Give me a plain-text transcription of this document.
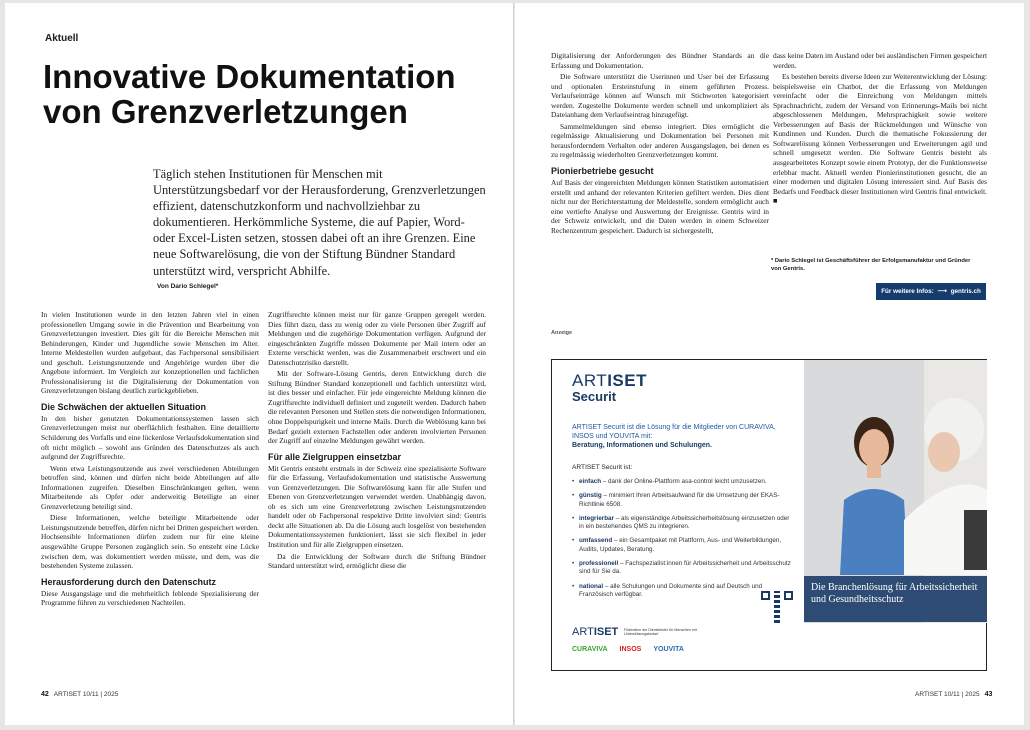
Aktuell
Innovative Dokumentation von Grenzverletzungen
Täglich stehen Institutionen für Menschen mit Unterstützungsbedarf vor der Herausforderung, Grenzverletzungen effizient, datenschutzkonform und nachvollziehbar zu dokumentieren. Herkömmliche Systeme, die auf Papier, Word- oder Excel-Listen setzen, stossen dabei oft an ihre Grenzen. Eine neue Softwarelösung, die von der Stiftung Bündner Standard unterstützt wird, verspricht Abhilfe.
Von Dario Schlegel*

In vielen Institutionen wurde in den letzten Jahren viel in einen professionellen Umgang sowie in die Prävention und Bearbeitung von Grenzverletzungen investiert. Dies gilt für die Bereiche Menschen mit Behinderungen, Kinder und Jugendliche sowie Menschen im Alter. Interne Meldestellen wurden aufgebaut, das Fachpersonal sensibilisiert und geschult. Leistungsnutzende und Angehörige wurden über die Angebote informiert. Im Vergleich zur konzeptionellen und fachlichen Professionalisierung ist die Digitalisierung der Dokumentation von Grenzverletzungen bislang deutlich zurückgeblieben.

Die Schwächen der aktuellen Situation

In den bisher genutzten Dokumentationssystemen lassen sich Grenzverletzungen meist nur oberflächlich festhalten. Eine detaillierte Schilderung des Vorfalls und eine lückenlose Verlaufsdokumentation sind oft nicht möglich – sowohl aus Gründen des Datenschutzes als auch aufgrund der Zugriffsrechte.

Wenn etwa Leistungsnutzende aus zwei verschiedenen Abteilungen betroffen sind, können und dürfen nicht beide Abteilungen auf alle Informationen zugreifen. Dieselben Einschränkungen gelten, wenn Mitarbeitende als Opfer oder anderweitig Beteiligte an einer Grenzverletzung beteiligt sind.

Diese Informationen, welche beteiligte Mitarbeitende oder Leistungsnutzende betreffen, dürfen nicht bei Dritten gespeichert werden. Hochsensible Informationen dürfen zudem nur für eine kleine ausgewählte Gruppe Personen zugänglich sein. So entsteht eine Lücke zwischen dem, was dokumentiert werden müsste, und dem, was die bestehenden Systeme zulassen.

Herausforderung durch den Datenschutz

Diese Ausgangslage und die mehrheitlich fehlende Spezialisierung der Programme führen zu verschiedenen Nachteilen.

Zugriffsrechte können meist nur für ganze Gruppen geregelt werden. Dies führt dazu, dass zu wenig oder zu viele Personen über Zugriff auf Meldungen und die zugehörige Dokumentation verfügen. Aufgrund der eingeschränkten Zugriffe müssen Dokumente per Mail intern oder an Externe verschickt werden, was die Zusammenarbeit erschwert und ein Datenschutzrisiko darstellt.

Mit der Software-Lösung Gentris, deren Entwicklung durch die Stiftung Bündner Standard konzeptionell und fachlich unterstützt wird, ist dies besser und einfacher. Für jede eingereichte Meldung können die Zugriffsrechte individuell definiert und zugeteilt werden. Dadurch haben die relevanten Personen und Stellen stets die notwendigen Informationen, ohne Doppelspurigkeit und interne Mails. Durch die Weblösung kann bei Bedarf gezielt externen Fachstellen oder anderen involvierten Personen der Zugriff auf einzelne Meldungen gewährt werden.

Für alle Zielgruppen einsetzbar

Mit Gentris entsteht erstmals in der Schweiz eine spezialisierte Software für die Erfassung, Verlaufsdokumentation und statistische Auswertung von Grenzverletzungen. Die Softwarelösung kann für alle Stufen und Ebenen von Grenzverletzungen verwendet werden. Unabhängig davon, ob es sich um eine Grenzverletzung zwischen Leistungsnutzenden handelt oder ob Fachpersonal respektive Dritte involviert sind: Gentris deckt alle Situationen ab. Da die Lösung auch losgelöst von bestehenden Dokumentationssystemen funktioniert, lässt sie sich flexibel in jeder Institution und für alle Zielgruppen einsetzen.

Da die Entwicklung der Software durch die Stiftung Bündner Standard unterstützt wird, ermöglicht diese die

42 ARTISET 10/11 | 2025

Digitalisierung der Anforderungen des Bündner Standards an die Erfassung und Dokumentation.

Die Software unterstützt die Userinnen und User bei der Erfassung und optionalen Ersteinstufung in einem geführten Prozess. Verlaufseinträge können auf Wunsch mit Stichworten kategorisiert werden. Zugestellte Dokumente werden schnell und unkompliziert als Dateianhang dem Verlaufseintrag hinzugefügt.

Sammelmeldungen sind ebenso integriert. Dies ermöglicht die regelmässige Aktualisierung und Dokumentation bei Personen mit herausforderndem Verhalten oder anderen Ausgangslagen, bei denen es zu regelmässig wiederholten Grenzverletzungen kommt.

Pionierbetriebe gesucht

Auf Basis der eingereichten Meldungen können Statistiken automatisiert erstellt und anhand der relevanten Kriterien gefiltert werden. Dies dient nicht nur der Berichterstattung der Meldestelle, sondern ermöglicht auch eine vertiefte Analyse und Auswertung der Ereignisse. Gentris wird in der Schweiz entwickelt, und die Daten werden in einem Schweizer Rechenzentrum gespeichert. Dadurch ist sichergestellt,

dass keine Daten im Ausland oder bei ausländischen Firmen gespeichert werden.

Es bestehen bereits diverse Ideen zur Weiterentwicklung der Lösung: beispielsweise ein Chatbot, der die Erfassung von Meldungen vereinfacht oder die Einreichung von Meldungen mittels Sprachnachricht, zudem der Versand von Erinnerungs-Mails bei nicht abgeschlossenen Meldungen, Mehrsprachigkeit sowie weitere Verbesserungen auf Basis der Rückmeldungen und Wünsche von Kundinnen und Kunden. Durch die thematische Fokussierung der Softwarelösung können Verbesserungen und Erweiterungen agil und schnell umgesetzt werden. Die Software Gentris besteht als ausgearbeitetes Konzept sowie einem Prototyp, der die Funktionsweise erlebbar macht. Aktuell werden Pionierinstitutionen gesucht, die an einer modernen und digitalen Lösung interessiert sind. Auf Basis des Bedarfs und Feedback dieser Institutionen wird Gentris final entwickelt. ■

* Dario Schlegel ist Geschäftsführer der Erfolgsmanufaktur und Gründer von Gentris.
Für weitere Infos: ⟶ gentris.ch
Anzeige
ARTISET
Securit
ARTISET Securit ist die Lösung für die Mitglieder von CURAVIVA, INSOS und YOUVITA mit:
Beratung, Informationen und Schulungen.
ARTISET Securit ist:
• einfach – dank der Online-Plattform asa-control leicht umzusetzen.
• günstig – minimiert Ihren Arbeitsaufwand für die Umsetzung der EKAS-Richtlinie 6508.
• integrierbar – als eigenständige Arbeitssicherheitslösung einzusetzen oder in ein bestehendes QMS zu integrieren.
• umfassend – ein Gesamtpaket mit Plattform, Aus- und Weiterbildungen, Audits, Updates, Beratung.
• professionell – Fachspezialist:innen für Arbeitssicherheit und Arbeitsschutz sind für Sie da.
• national – alle Schulungen und Dokumente sind auf Deutsch und Französisch verfügbar.
ARTISET Föderation der Dienstleister für Menschen mit Unterstützungsbedarf
CURAVIVA INSOS YOUVITA
Die Branchenlösung für Arbeitssicherheit und Gesundheitsschutz
ARTISET 10/11 | 2025 43
